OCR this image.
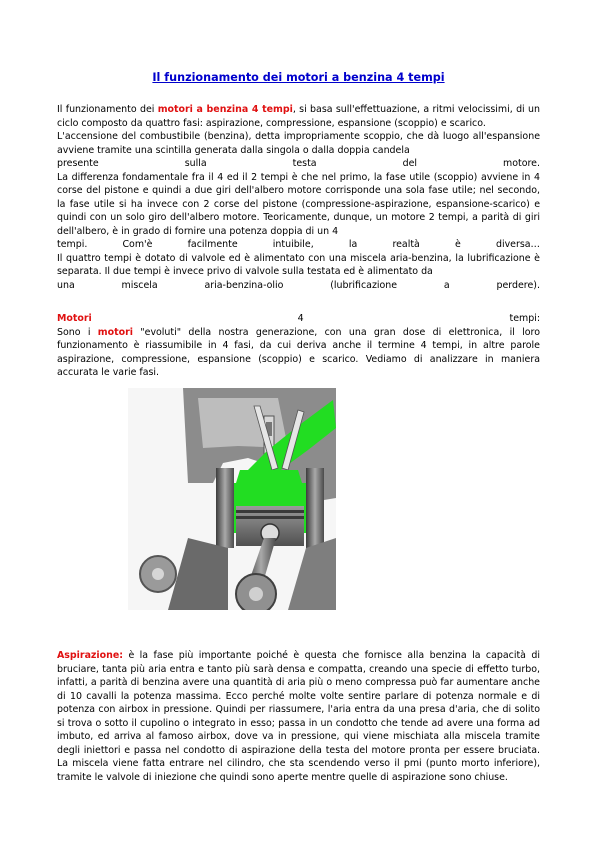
Il funzionamento dei motori a benzina 4 tempi

Il funzionamento dei motori a benzina 4 tempi, si basa sull'effettuazione, a ritmi velocissimi, di un ciclo composto da quattro fasi: aspirazione, compressione, espansione (scoppio) e scarico.

L'accensione del combustibile (benzina), detta impropriamente scoppio, che dà luogo all'espansione avviene tramite una scintilla generata dalla singola o dalla doppia candela

presente	sulla	testa	del	motore.

La differenza fondamentale fra il 4 ed il 2 tempi è che nel primo, la fase utile (scoppio) avviene in 4 corse del pistone e quindi a due giri dell'albero motore corrisponde una sola fase utile; nel secondo, la fase utile si ha invece con 2 corse del pistone (compressione-aspirazione, espansione-scarico) e quindi con un solo giro dell'albero motore. Teoricamente, dunque, un motore 2 tempi, a parità di giri dell'albero, è in grado di fornire una potenza doppia di un 4

tempi.	Com'è	facilmente	intuibile,	la	realtà	è	diversa…

Il quattro tempi è dotato di valvole ed è alimentato con una miscela aria-benzina, la lubrificazione è separata. Il due tempi è invece privo di valvole sulla testata ed è alimentato da

una	miscela	aria-benzina-olio	(lubrificazione	a	perdere).
Motori	4	tempi:

Sono i motori "evoluti" della nostra generazione, con una gran dose di elettronica, il loro funzionamento è riassumibile in 4 fasi, da cui deriva anche il termine 4 tempi, in altre parole aspirazione, compressione, espansione (scoppio) e scarico. Vediamo di analizzare in maniera accurata le varie fasi.

Aspirazione: è la fase più importante poiché è questa che fornisce alla benzina la capacità di bruciare, tanta più aria entra e tanto più sarà densa e compatta, creando una specie di effetto turbo, infatti, a parità di benzina avere una quantità di aria più o meno compressa può far aumentare anche di 10 cavalli la potenza massima. Ecco perché molte volte sentire parlare di potenza normale e di potenza con airbox in pressione. Quindi per riassumere, l'aria entra da una presa d'aria, che di solito si trova o sotto il cupolino o integrato in esso; passa in un condotto che tende ad avere una forma ad imbuto, ed arriva al famoso airbox, dove va in pressione, qui viene mischiata alla miscela tramite degli iniettori e passa nel condotto di aspirazione della testa del motore pronta per essere bruciata. La miscela viene fatta entrare nel cilindro, che sta scendendo verso il pmi (punto morto inferiore), tramite le valvole di iniezione che quindi sono aperte mentre quelle di aspirazione sono chiuse.
